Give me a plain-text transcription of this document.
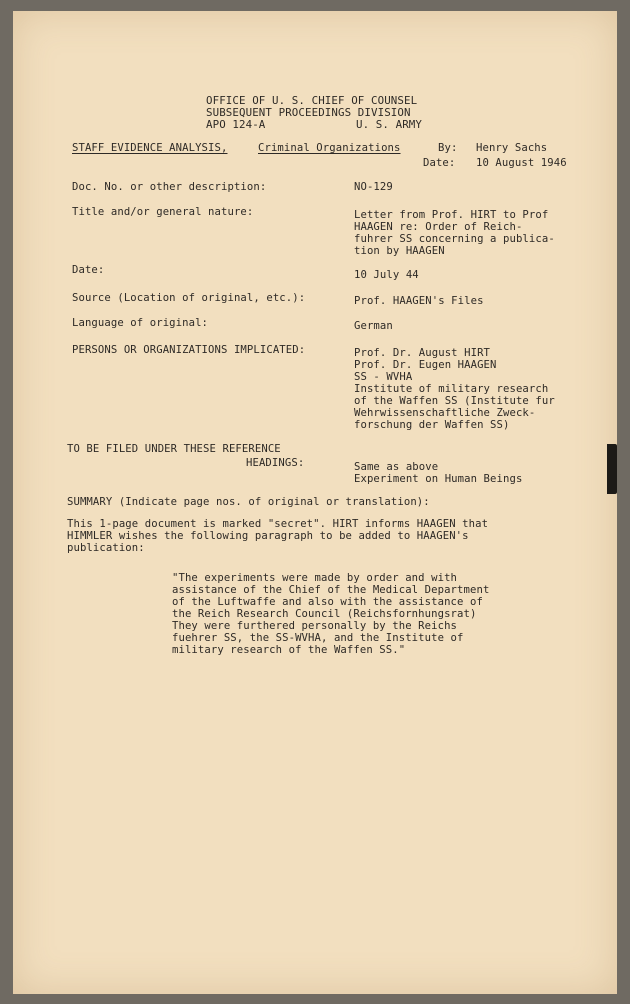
OFFICE OF U. S. CHIEF OF COUNSEL
SUBSEQUENT PROCEEDINGS DIVISION
APO 124-A	U. S. ARMY
STAFF EVIDENCE ANALYSIS,	Criminal Organizations	By: Henry Sachs
Date: 10 August 1946
Doc. No. or other description:	NO-129
Title and/or general nature:	Letter from Prof. HIRT to Prof
HAAGEN re: Order of Reich-
fuhrer SS concerning a publica-
tion by HAAGEN
Date:	10 July 44
Source (Location of original, etc.):	Prof. HAAGEN's Files
Language of original:	German
PERSONS OR ORGANIZATIONS IMPLICATED:	Prof. Dr. August HIRT
Prof. Dr. Eugen HAAGEN
SS - WVHA
Institute of military research
of the Waffen SS (Institute fur
Wehrwissenschaftliche Zweck-
forschung der Waffen SS)
TO BE FILED UNDER THESE REFERENCE
HEADINGS:	Same as above
Experiment on Human Beings
SUMMARY (Indicate page nos. of original or translation):
This 1-page document is marked "secret". HIRT informs HAAGEN that
HIMMLER wishes the following paragraph to be added to HAAGEN's
publication:
"The experiments were made by order and with
assistance of the Chief of the Medical Department
of the Luftwaffe and also with the assistance of
the Reich Research Council (Reichsfornhungsrat)
They were furthered personally by the Reichs
fuehrer SS, the SS-WVHA, and the Institute of
military research of the Waffen SS."
